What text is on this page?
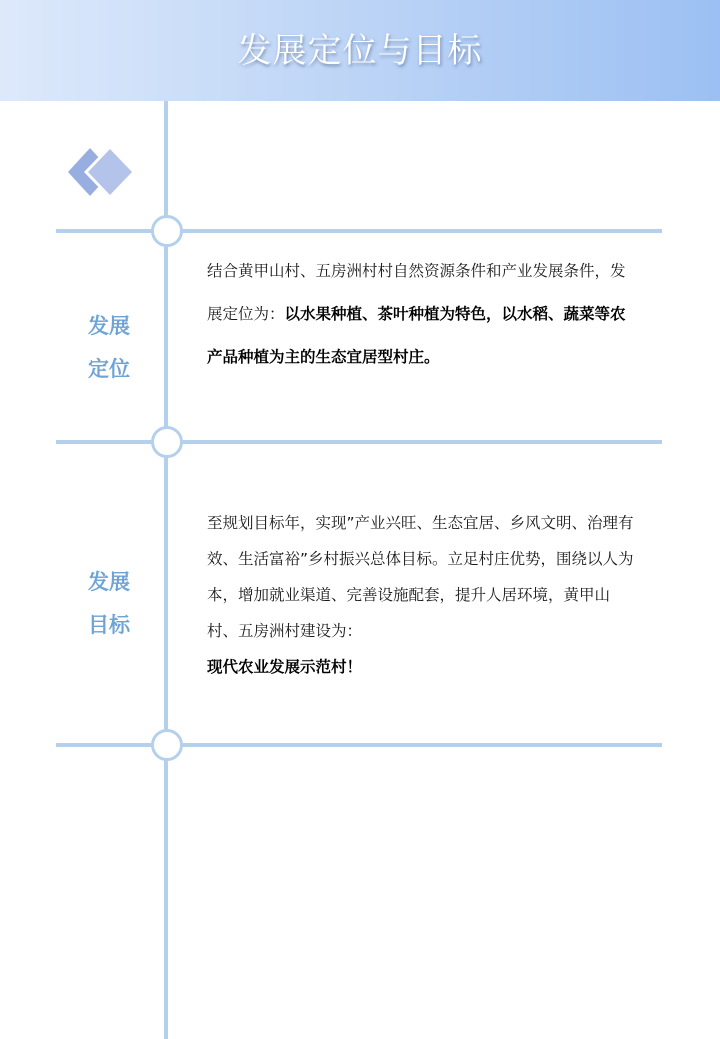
发展定位与目标
发展
定位
结合黄甲山村、五房洲村村自然资源条件和产业发展条件，发展定位为：以水果种植、茶叶种植为特色，以水稻、蔬菜等农产品种植为主的生态宜居型村庄。
发展
目标
至规划目标年，实现”产业兴旺、生态宜居、乡风文明、治理有效、生活富裕”乡村振兴总体目标。立足村庄优势，围绕以人为本，增加就业渠道、完善设施配套，提升人居环境，黄甲山村、五房洲村建设为：
现代农业发展示范村！
